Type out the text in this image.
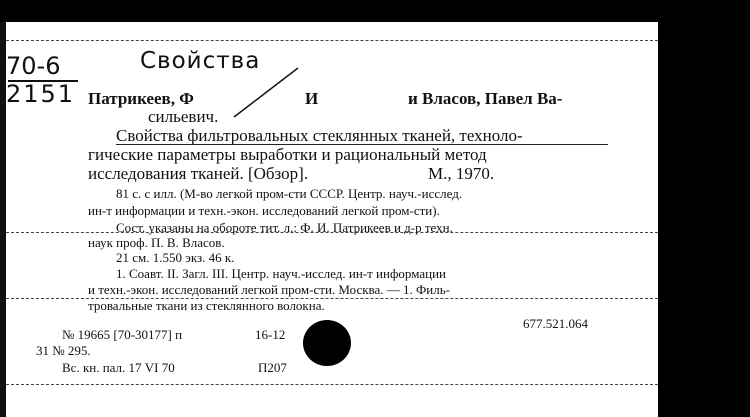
70-6
2151
Свойства
Патрикеев, Ф	И	и Власов, Павел Ва-
сильевич.
Свойства фильтровальных стеклянных тканей, техноло-
гические параметры выработки и рациональный метод
исследования тканей. [Обзор].	М., 1970.
81 с. с илл. (М-во легкой пром-сти СССР. Центр. науч.-исслед.
ин-т информации и техн.-экон. исследований легкой пром-сти).
Сост. указаны на обороте тит. л.: Ф. И. Патрикеев и д-р техн.
наук проф. П. В. Власов.
21 см. 1.550 экз. 46 к.
1. Соавт. II. Загл. III. Центр. науч.-исслед. ин-т информации
и техн.-экон. исследований легкой пром-сти. Москва. — 1. Филь-
тровальные ткани из стеклянного волокна.
677.521.064
№ 19665 [70-30177] п	16-12
31 № 295.
Вс. кн. пал. 17 VI 70	П207
